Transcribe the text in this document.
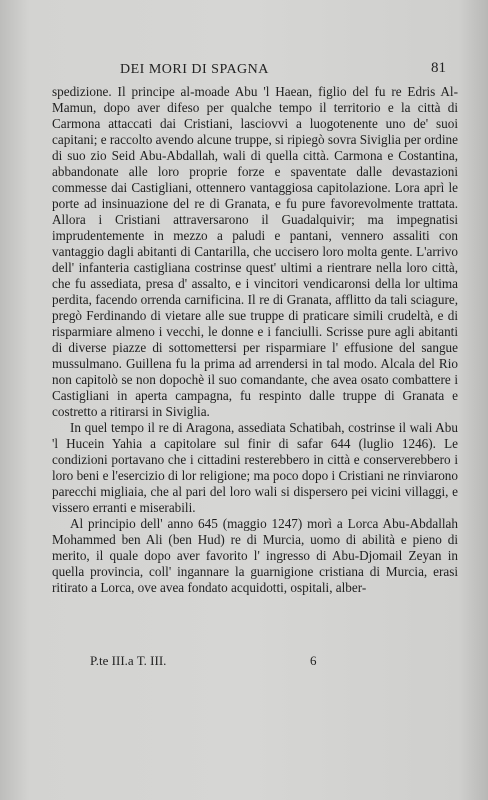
DEI MORI DI SPAGNA	81

spedizione. Il principe al-moade Abu 'l Haean, figlio del fu re Edris Al-Mamun, dopo aver difeso per qualche tempo il territorio e la città di Carmona attaccati dai Cristiani, lasciovvi a luogotenente uno de' suoi capitani; e raccolto avendo alcune truppe, si ripiegò sovra Siviglia per ordine di suo zio Seid Abu-Abdallah, wali di quella città. Carmona e Costantina, abbandonate alle loro proprie forze e spaventate dalle devastazioni commesse dai Castigliani, ottennero vantaggiosa capitolazione. Lora aprì le porte ad insinuazione del re di Granata, e fu pure favorevolmente trattata. Allora i Cristiani attraversarono il Guadalquivir; ma impegnatisi imprudentemente in mezzo a paludi e pantani, vennero assaliti con vantaggio dagli abitanti di Cantarilla, che uccisero loro molta gente. L'arrivo dell' infanteria castigliana costrinse quest' ultimi a rientrare nella loro città, che fu assediata, presa d' assalto, e i vincitori vendicaronsi della lor ultima perdita, facendo orrenda carnificina. Il re di Granata, afflitto da tali sciagure, pregò Ferdinando di vietare alle sue truppe di praticare simili crudeltà, e di risparmiare almeno i vecchi, le donne e i fanciulli. Scrisse pure agli abitanti di diverse piazze di sottomettersi per risparmiare l' effusione del sangue mussulmano. Guillena fu la prima ad arrendersi in tal modo. Alcala del Rio non capitolò se non dopochè il suo comandante, che avea osato combattere i Castigliani in aperta campagna, fu respinto dalle truppe di Granata e costretto a ritirarsi in Siviglia.

In quel tempo il re di Aragona, assediata Schatibah, costrinse il wali Abu 'l Hucein Yahia a capitolare sul finir di safar 644 (luglio 1246). Le condizioni portavano che i cittadini resterebbero in città e conserverebbero i loro beni e l'esercizio di lor religione; ma poco dopo i Cristiani ne rinviarono parecchi migliaia, che al pari del loro wali si dispersero pei vicini villaggi, e vissero erranti e miserabili.

Al principio dell' anno 645 (maggio 1247) morì a Lorca Abu-Abdallah Mohammed ben Ali (ben Hud) re di Murcia, uomo di abilità e pieno di merito, il quale dopo aver favorito l' ingresso di Abu-Djomail Zeyan in quella provincia, coll' ingannare la guarnigione cristiana di Murcia, erasi ritirato a Lorca, ove avea fondato acquidotti, ospitali, alber-

P.te III.a T. III.	6
